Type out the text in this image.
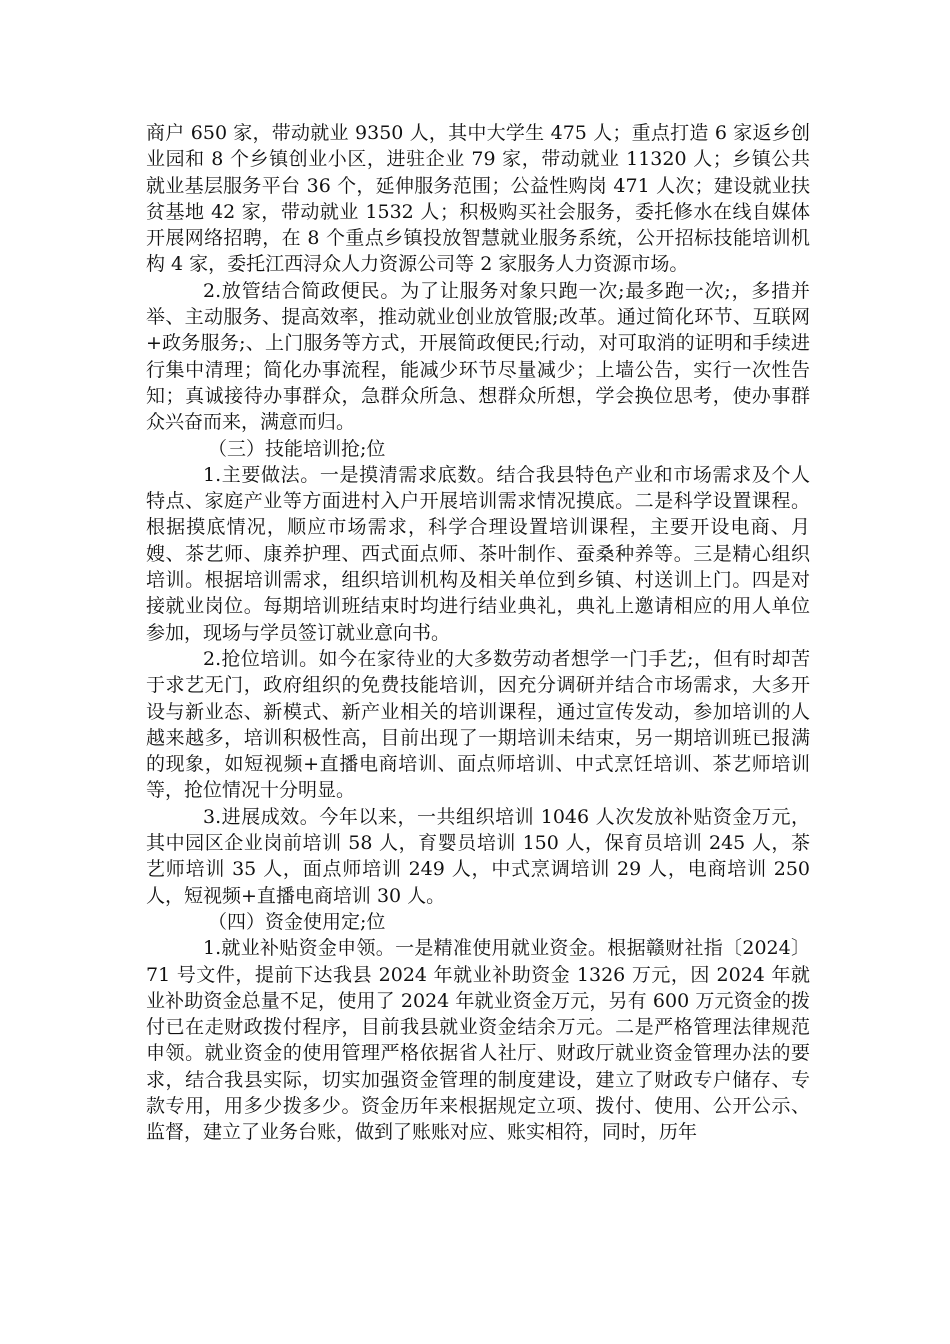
商户 650 家，带动就业 9350 人，其中大学生 475 人；重点打造 6 家返乡创业园和 8 个乡镇创业小区，进驻企业 79 家，带动就业 11320 人；乡镇公共就业基层服务平台 36 个，延伸服务范围；公益性购岗 471 人次；建设就业扶贫基地 42 家，带动就业 1532 人；积极购买社会服务，委托修水在线自媒体开展网络招聘，在 8 个重点乡镇投放智慧就业服务系统，公开招标技能培训机构 4 家，委托江西浔众人力资源公司等 2 家服务人力资源市场。

2.放管结合简政便民。为了让服务对象只跑一次;最多跑一次;，多措并举、主动服务、提高效率，推动就业创业放管服;改革。通过简化环节、互联网+政务服务;、上门服务等方式，开展简政便民;行动，对可取消的证明和手续进行集中清理；简化办事流程，能减少环节尽量减少；上墙公告，实行一次性告知；真诚接待办事群众，急群众所急、想群众所想，学会换位思考，使办事群众兴奋而来，满意而归。

（三）技能培训抢;位

1.主要做法。一是摸清需求底数。结合我县特色产业和市场需求及个人特点、家庭产业等方面进村入户开展培训需求情况摸底。二是科学设置课程。根据摸底情况，顺应市场需求，科学合理设置培训课程，主要开设电商、月嫂、茶艺师、康养护理、西式面点师、茶叶制作、蚕桑种养等。三是精心组织培训。根据培训需求，组织培训机构及相关单位到乡镇、村送训上门。四是对接就业岗位。每期培训班结束时均进行结业典礼，典礼上邀请相应的用人单位参加，现场与学员签订就业意向书。

2.抢位培训。如今在家待业的大多数劳动者想学一门手艺;，但有时却苦于求艺无门，政府组织的免费技能培训，因充分调研并结合市场需求，大多开设与新业态、新模式、新产业相关的培训课程，通过宣传发动，参加培训的人越来越多，培训积极性高，目前出现了一期培训未结束，另一期培训班已报满的现象，如短视频+直播电商培训、面点师培训、中式烹饪培训、茶艺师培训等，抢位情况十分明显。

3.进展成效。今年以来，一共组织培训 1046 人次发放补贴资金万元，其中园区企业岗前培训 58 人，育婴员培训 150 人，保育员培训 245 人，茶艺师培训 35 人，面点师培训 249 人，中式烹调培训 29 人，电商培训 250 人，短视频+直播电商培训 30 人。

（四）资金使用定;位

1.就业补贴资金申领。一是精准使用就业资金。根据赣财社指〔2024〕71 号文件，提前下达我县 2024 年就业补助资金 1326 万元，因 2024 年就业补助资金总量不足，使用了 2024 年就业资金万元，另有 600 万元资金的拨付已在走财政拨付程序，目前我县就业资金结余万元。二是严格管理法律规范申领。就业资金的使用管理严格依据省人社厅、财政厅就业资金管理办法的要求，结合我县实际，切实加强资金管理的制度建设，建立了财政专户储存、专款专用，用多少拨多少。资金历年来根据规定立项、拨付、使用、公开公示、监督，建立了业务台账，做到了账账对应、账实相符，同时，历年
